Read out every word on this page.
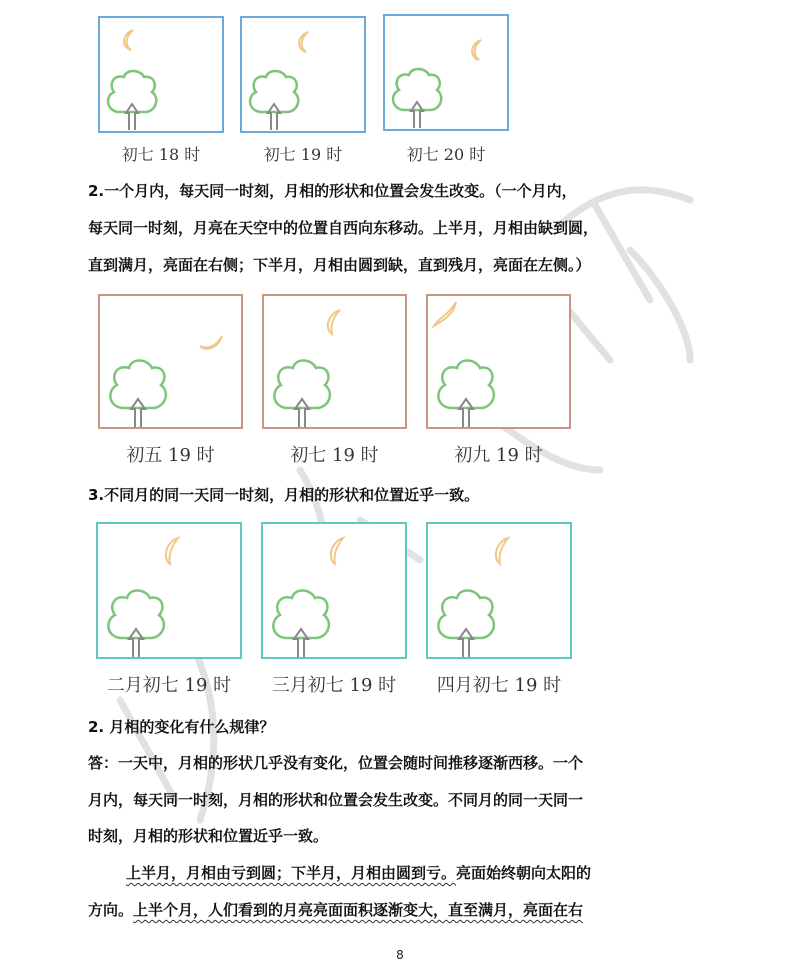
初七 18 时	初七 19 时	初七 20 时
2.一个月内，每天同一时刻，月相的形状和位置会发生改变。（一个月内，
每天同一时刻，月亮在天空中的位置自西向东移动。上半月，月相由缺到圆，
直到满月，亮面在右侧；下半月，月相由圆到缺，直到残月，亮面在左侧。）
初五 19 时	初七 19 时	初九 19 时
3.不同月的同一天同一时刻，月相的形状和位置近乎一致。
二月初七 19 时	三月初七 19 时	四月初七 19 时
2. 月相的变化有什么规律？
答：一天中，月相的形状几乎没有变化，位置会随时间推移逐渐西移。一个
月内，每天同一时刻，月相的形状和位置会发生改变。不同月的同一天同一
时刻，月相的形状和位置近乎一致。
上半月，月相由亏到圆；下半月，月相由圆到亏。亮面始终朝向太阳的
方向。上半个月，人们看到的月亮亮面面积逐渐变大，直至满月，亮面在右
8
